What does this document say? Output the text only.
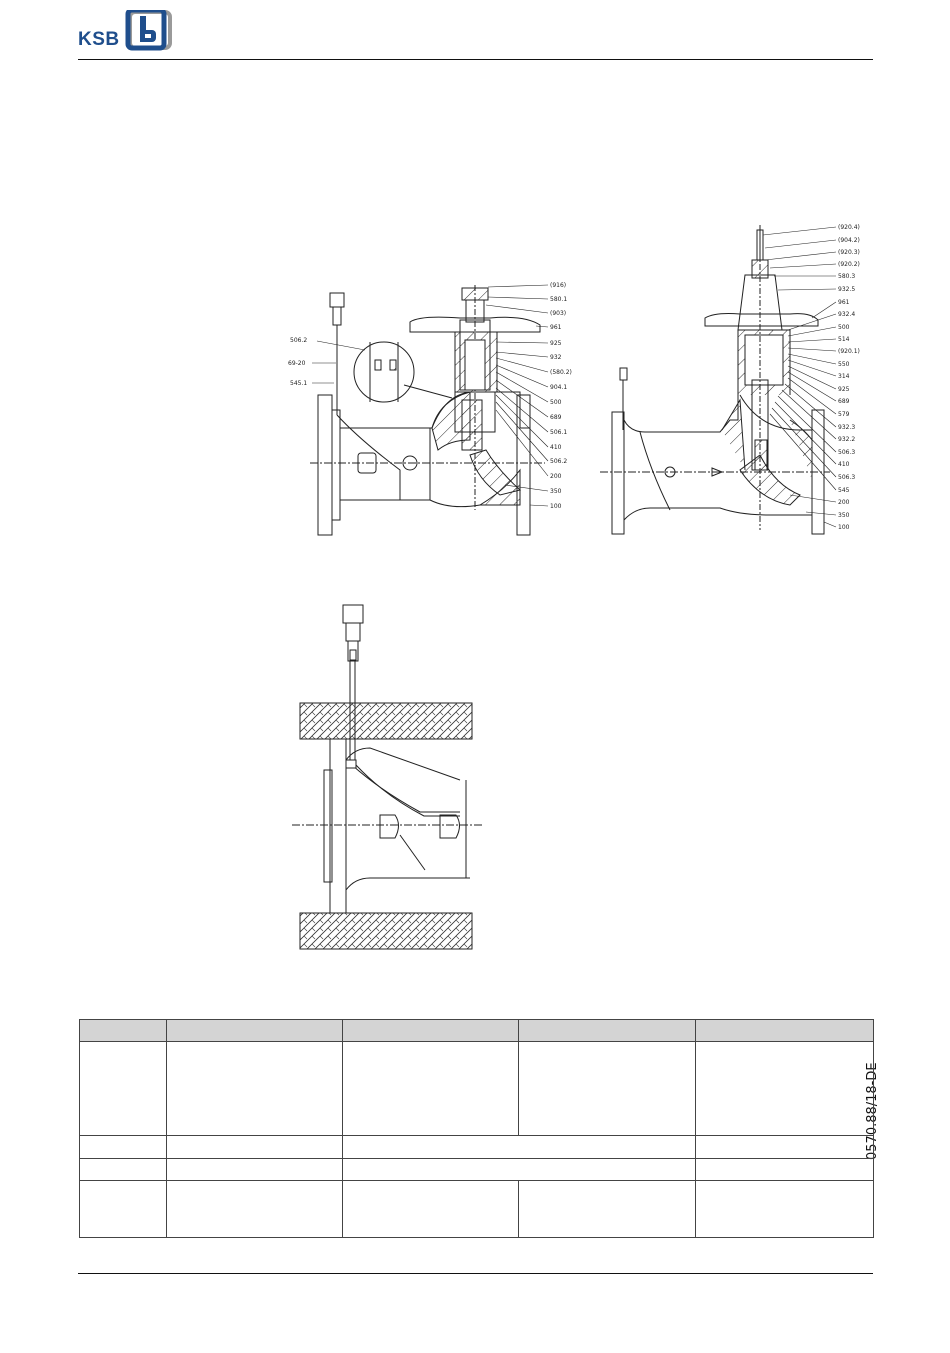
KSB
(916)
580.1
(903)
961
925
932
(580.2)
904.1
500
689
506.1
410
506.2
200
350
100
506.2
69-20
545.1
(920.4)
(904.2)
(920.3)
(920.2)
580.3
932.5
961
932.4
500
514
(920.1)
550
314
925
689
579
932.3
932.2
506.3
410
506.3
545
200
350
100
0570.88/18-DE
